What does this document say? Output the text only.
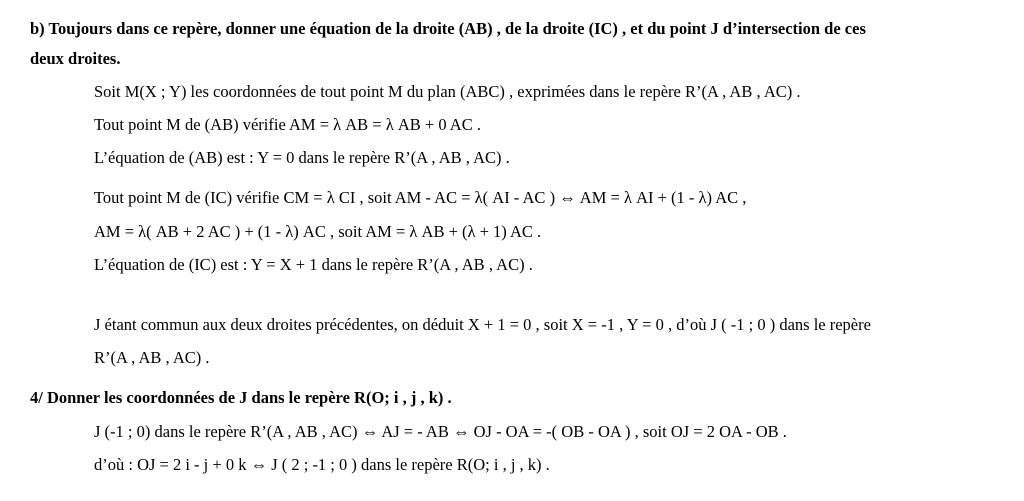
b) Toujours dans ce repère, donner une équation de la droite (AB) , de la droite (IC) , et du point J d’intersection de ces
deux droites.
Soit M(X ; Y) les coordonnées de tout point M du plan (ABC) , exprimées dans le repère R’(A , AB , AC) .
Tout point M de (AB) vérifie AM = λ AB = λ AB + 0 AC .
L’équation de (AB) est : Y = 0 dans le repère R’(A , AB , AC) .
Tout point M de (IC) vérifie CM = λ CI , soit AM - AC = λ( AI - AC ) ⇔ AM = λ AI + (1 - λ) AC ,
AM = λ( AB + 2 AC ) + (1 - λ) AC , soit AM = λ AB + (λ + 1) AC .
L’équation de (IC) est : Y = X + 1 dans le repère R’(A , AB , AC) .
J étant commun aux deux droites précédentes, on déduit X + 1 = 0 , soit X = -1 , Y = 0 , d’où J ( -1 ; 0 ) dans le repère
R’(A , AB , AC) .
4/ Donner les coordonnées de J dans le repère R(O; i , j , k) .
J (-1 ; 0) dans le repère R’(A , AB , AC) ⇔ AJ = - AB ⇔ OJ - OA = -( OB - OA ) , soit OJ = 2 OA - OB .
d’où : OJ = 2 i - j + 0 k ⇔ J ( 2 ; -1 ; 0 ) dans le repère R(O; i , j , k) .
